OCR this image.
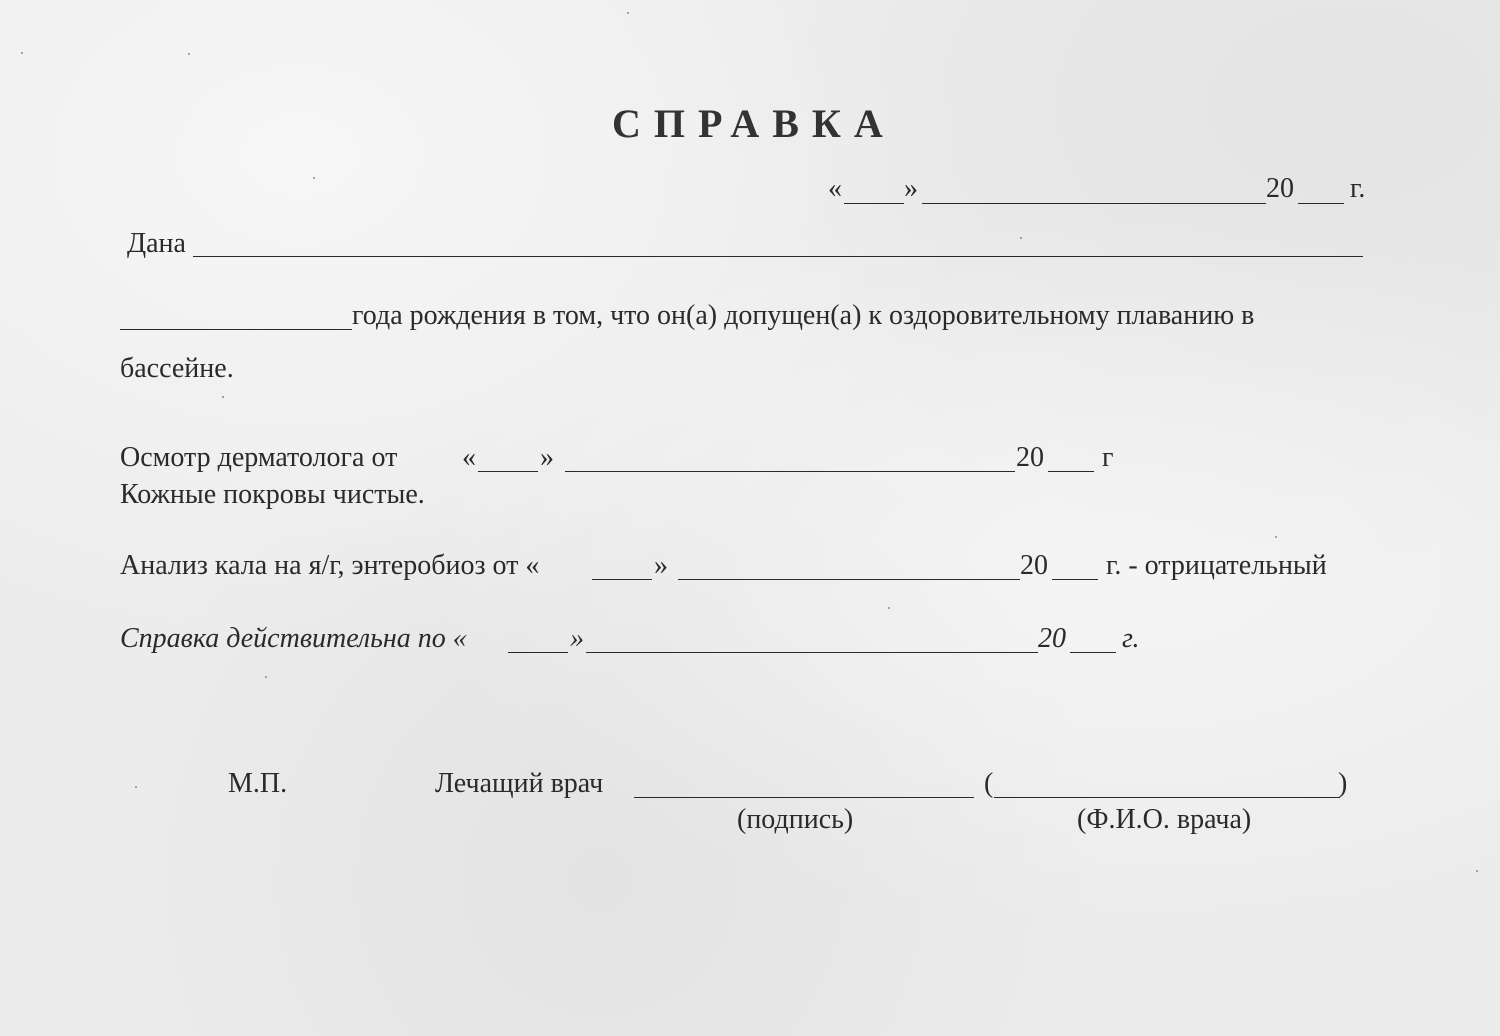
СПРАВКА
« »	20 г.
Дана
года рождения в том, что он(а) допущен(а) к оздоровительному плаванию в
бассейне.
Осмотр дерматолога от « »	20 г
Кожные покровы чистые.
Анализ кала на я/г, энтеробиоз от «	»	20 г. - отрицательный
Справка действительна по «	»	20 г.
М.П.	Лечащий врач	(	)
(подпись)	(Ф.И.О. врача)
